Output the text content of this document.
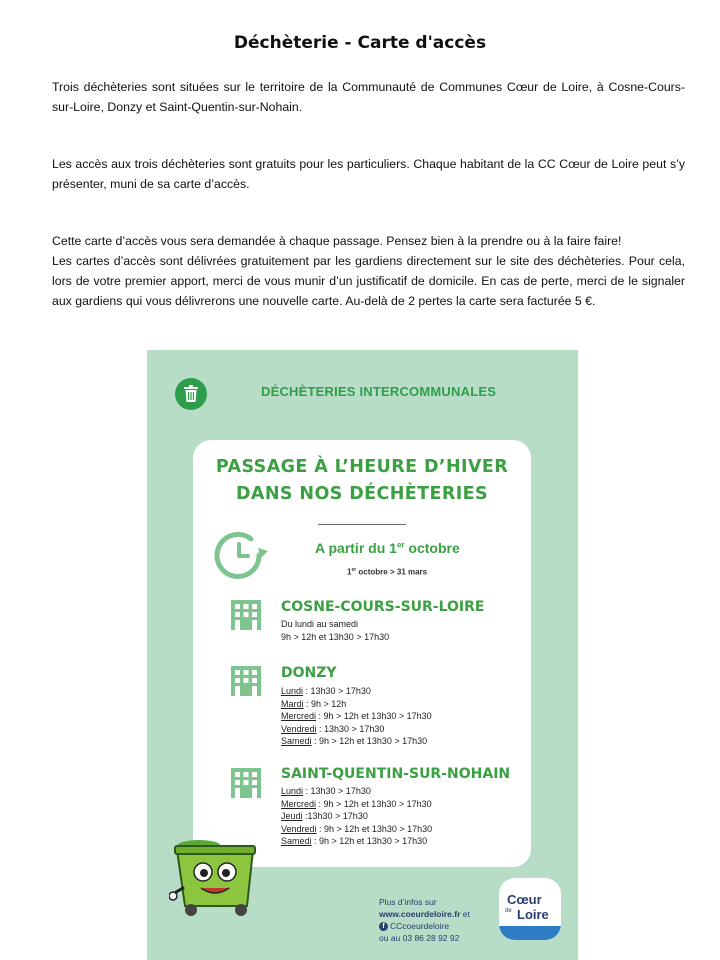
Déchèterie - Carte d'accès

Trois déchèteries sont situées sur le territoire de la Communauté de Communes Cœur de Loire, à Cosne-Cours-sur-Loire, Donzy et Saint-Quentin-sur-Nohain.

Les accès aux trois déchèteries sont gratuits pour les particuliers. Chaque habitant de la CC Cœur de Loire peut s’y présenter, muni de sa carte d’accès.

Cette carte d’accès vous sera demandée à chaque passage. Pensez bien à la prendre ou à la faire faire!

Les cartes d’accès sont délivrées gratuitement par les gardiens directement sur le site des déchèteries. Pour cela, lors de votre premier apport, merci de vous munir d’un justificatif de domicile. En cas de perte, merci de le signaler aux gardiens qui vous délivrerons une nouvelle carte. Au-delà de 2 pertes la carte sera facturée 5 €.

DÉCHÈTERIES INTERCOMMUNALES
PASSAGE À L’HEURE D’HIVER
DANS NOS DÉCHÈTERIES
A partir du 1er octobre
1er octobre > 31 mars
COSNE-COURS-SUR-LOIRE
Du lundi au samedi
9h > 12h et 13h30 > 17h30
DONZY
Lundi : 13h30 > 17h30
Mardi : 9h > 12h
Mercredi : 9h > 12h et 13h30 > 17h30
Vendredi : 13h30 > 17h30
Samedi : 9h > 12h et 13h30 > 17h30
SAINT-QUENTIN-SUR-NOHAIN
Lundi : 13h30 > 17h30
Mercredi : 9h > 12h et 13h30 > 17h30
Jeudi :13h30 > 17h30
Vendredi : 9h > 12h et 13h30 > 17h30
Samedi : 9h > 12h et 13h30 > 17h30
Plus d’infos sur
www.coeurdeloire.fr et
f CCcoeurdeloire
ou au 03 86 28 92 92
Cœur
de Loire
